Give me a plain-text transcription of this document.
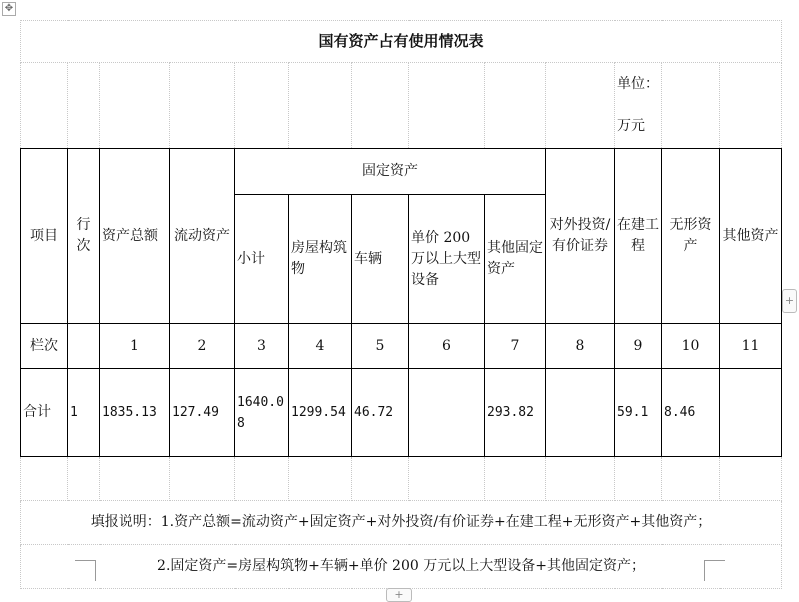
✥
国有资产占有使用情况表												
										单位：
万元		
项目	行次	资产总额	流动资产	固定资产					对外投资/有价证券	在建工程	无形资产	其他资产
				小计	房屋构筑物	车辆	单价 200 万以上大型设备	其他固定资产				
栏次		1	2	3	4	5	6	7	8	9	10	11
合计	1	1835.13	127.49	1640.08	1299.54	46.72		293.82		59.1	8.46	

填报说明：1.资产总额=流动资产+固定资产+对外投资/有价证券+在建工程+无形资产+其他资产；												
2.固定资产=房屋构筑物+车辆+单价 200 万元以上大型设备+其他固定资产；												
+
+
